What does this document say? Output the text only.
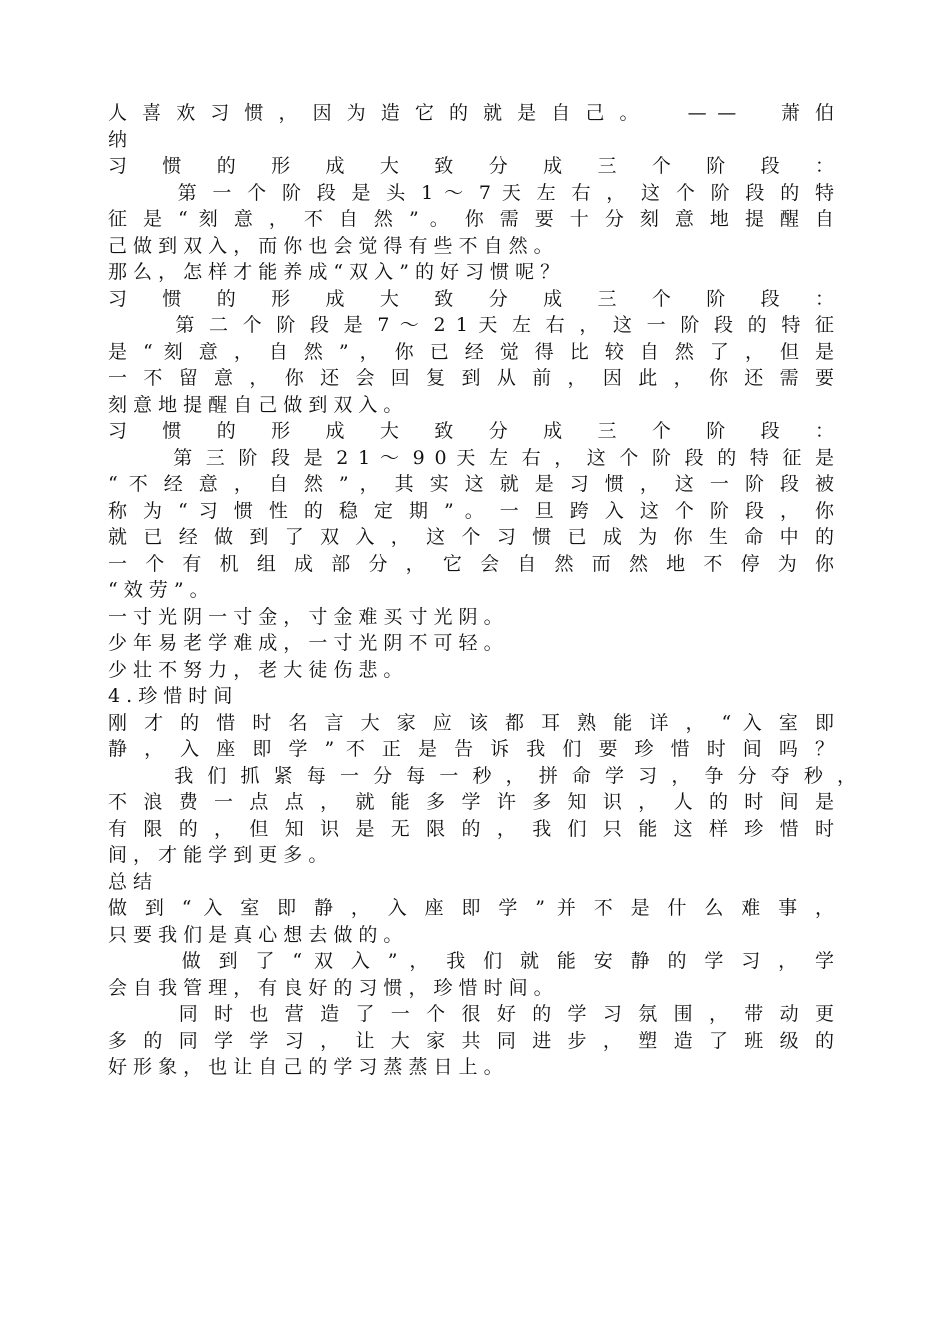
人 喜 欢 习 惯 ， 因 为 造 它 的 就 是 自 己 。 　 — — 　 萧 伯
纳
习 惯 的 形 成 大 致 分 成 三 个 阶 段 ：
　 　 第 一 个 阶 段 是 头 1 ～ 7 天 左 右 ， 这 个 阶 段 的 特
征 是 “ 刻 意 ， 不 自 然 ” 。 你 需 要 十 分 刻 意 地 提 醒 自
己 做 到 双 入 ， 而 你 也 会 觉 得 有 些 不 自 然 。
那 么 ， 怎 样 才 能 养 成 “ 双 入 ” 的 好 习 惯 呢 ？
习 惯 的 形 成 大 致 分 成 三 个 阶 段 ：
　 　 第 二 个 阶 段 是 7 ～ 2 1 天 左 右 ， 这 一 阶 段 的 特 征
是 “ 刻 意 ， 自 然 ” ， 你 已 经 觉 得 比 较 自 然 了 ， 但 是
一 不 留 意 ， 你 还 会 回 复 到 从 前 ， 因 此 ， 你 还 需 要
刻 意 地 提 醒 自 己 做 到 双 入 。
习 惯 的 形 成 大 致 分 成 三 个 阶 段 ：
　 　 第 三 阶 段 是 2 1 ～ 9 0 天 左 右 ， 这 个 阶 段 的 特 征 是
“ 不 经 意 ， 自 然 ” ， 其 实 这 就 是 习 惯 ， 这 一 阶 段 被
称 为 “ 习 惯 性 的 稳 定 期 ” 。 一 旦 跨 入 这 个 阶 段 ， 你
就 已 经 做 到 了 双 入 ， 这 个 习 惯 已 成 为 你 生 命 中 的
一 个 有 机 组 成 部 分 ， 它 会 自 然 而 然 地 不 停 为 你
“ 效 劳 ” 。
一 寸 光 阴 一 寸 金 ， 寸 金 难 买 寸 光 阴 。
少 年 易 老 学 难 成 ， 一 寸 光 阴 不 可 轻 。
少 壮 不 努 力 ， 老 大 徒 伤 悲 。
4 . 珍 惜 时 间
刚 才 的 惜 时 名 言 大 家 应 该 都 耳 熟 能 详 ， “ 入 室 即
静 ， 入 座 即 学 ” 不 正 是 告 诉 我 们 要 珍 惜 时 间 吗 ？
　 　 我 们 抓 紧 每 一 分 每 一 秒 ， 拼 命 学 习 ， 争 分 夺 秒 ，
不 浪 费 一 点 点 ， 就 能 多 学 许 多 知 识 ， 人 的 时 间 是
有 限 的 ， 但 知 识 是 无 限 的 ， 我 们 只 能 这 样 珍 惜 时
间 ， 才 能 学 到 更 多 。
总 结
做 到 “ 入 室 即 静 ， 入 座 即 学 ” 并 不 是 什 么 难 事 ，
只 要 我 们 是 真 心 想 去 做 的 。
　 　 做 到 了 “ 双 入 ” ， 我 们 就 能 安 静 的 学 习 ， 学
会 自 我 管 理 ， 有 良 好 的 习 惯 ， 珍 惜 时 间 。
　 　 同 时 也 营 造 了 一 个 很 好 的 学 习 氛 围 ， 带 动 更
多 的 同 学 学 习 ， 让 大 家 共 同 进 步 ， 塑 造 了 班 级 的
好 形 象 ， 也 让 自 己 的 学 习 蒸 蒸 日 上 。
